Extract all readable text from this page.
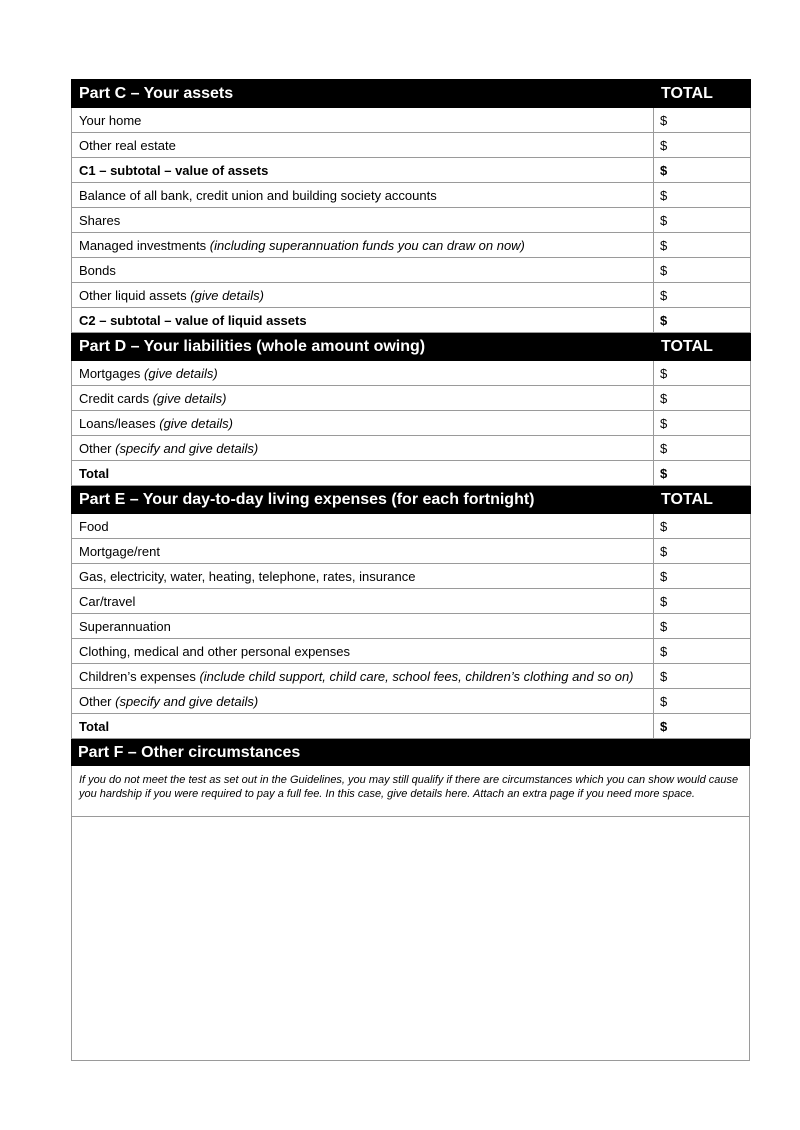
Part C – Your assets	TOTAL
Your home	$
Other real estate	$
C1 – subtotal – value of assets	$
Balance of all bank, credit union and building society accounts	$
Shares	$
Managed investments (including superannuation funds you can draw on now)	$
Bonds	$
Other liquid assets (give details)	$
C2 – subtotal – value of liquid assets	$
Part D – Your liabilities (whole amount owing)	TOTAL
Mortgages (give details)	$
Credit cards (give details)	$
Loans/leases (give details)	$
Other (specify and give details)	$
Total	$
Part E – Your day-to-day living expenses (for each fortnight)	TOTAL
Food	$
Mortgage/rent	$
Gas, electricity, water, heating, telephone, rates, insurance	$
Car/travel	$
Superannuation	$
Clothing, medical and other personal expenses	$
Children’s expenses (include child support, child care, school fees, children’s clothing and so on)	$
Other (specify and give details)	$
Total	$
Part F – Other circumstances
If you do not meet the test as set out in the Guidelines, you may still qualify if there are circumstances which you can show would cause you hardship if you were required to pay a full fee. In this case, give details here. Attach an extra page if you need more space.
